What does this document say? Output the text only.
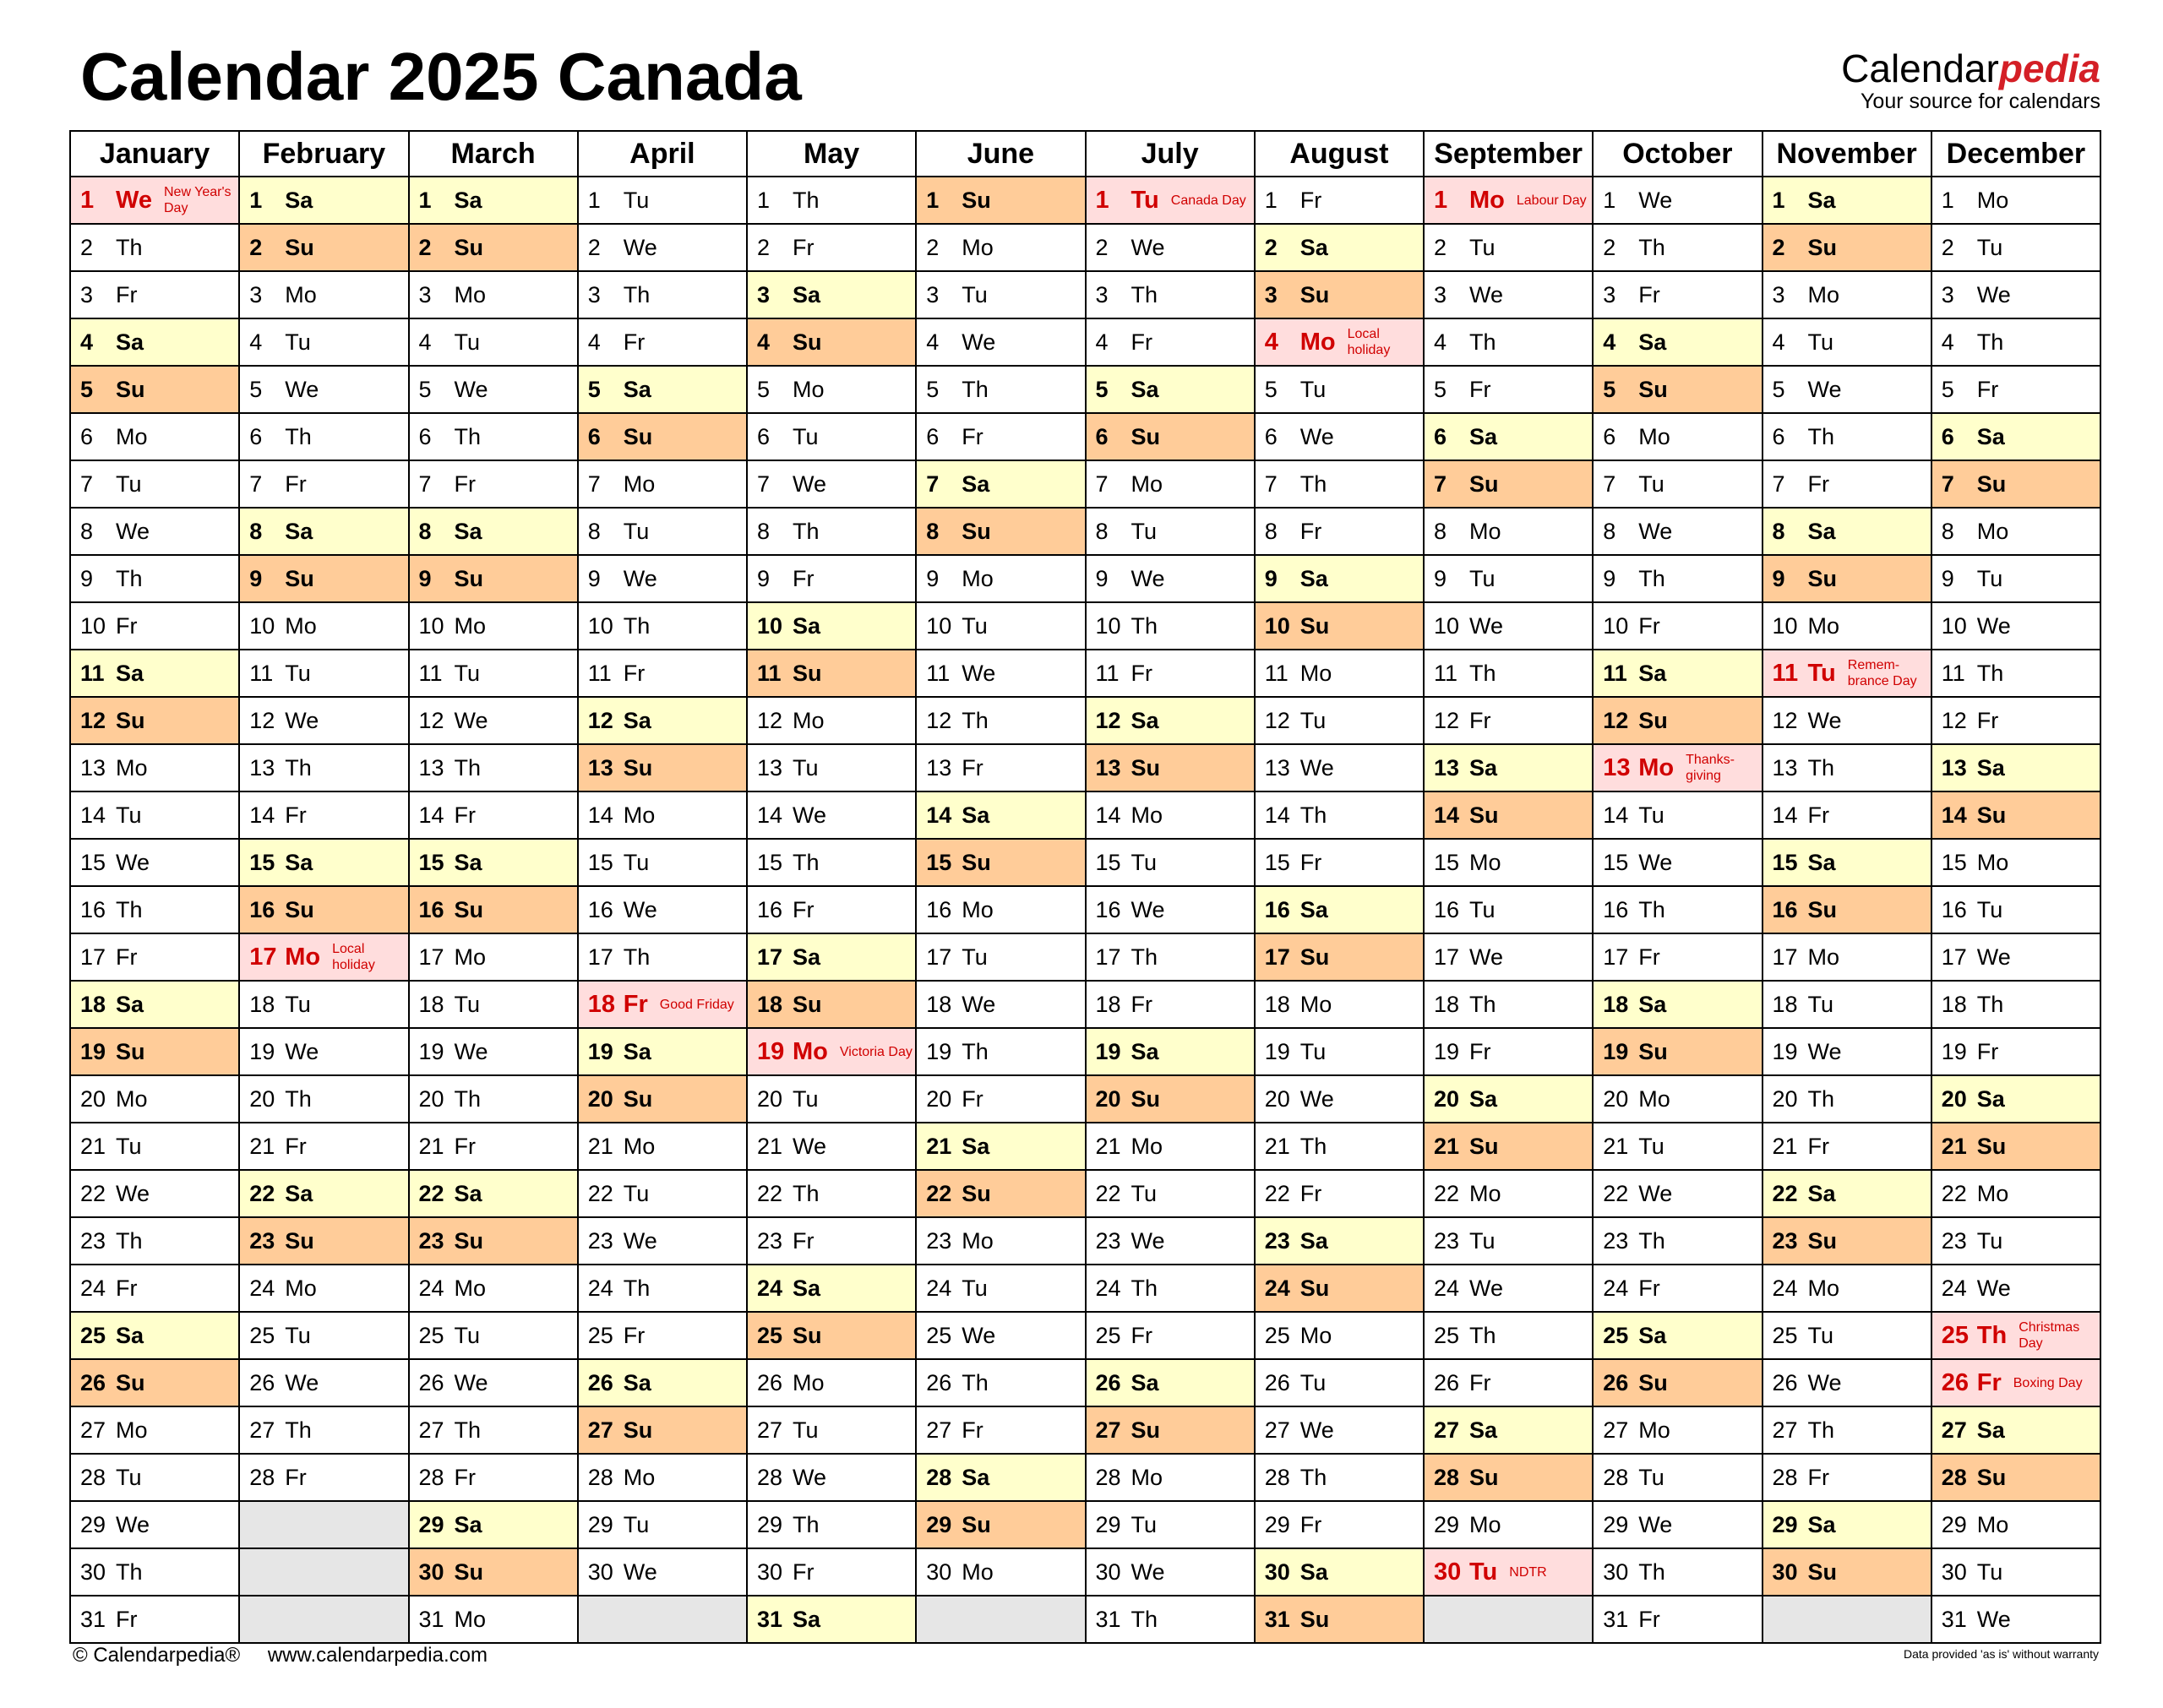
Calendar 2025 Canada	Calendarpedia
Your source for calendars
January	February	March	April	May	June	July	August	September	October	November	December

1 We New Year's Day	1 Sa	1 Sa	1 Tu	1 Th	1 Su	1 Tu Canada Day	1 Fr	1 Mo Labour Day	1 We	1 Sa	1 Mo

2 Th	2 Su	2 Su	2 We	2 Fr	2 Mo	2 We	2 Sa	2 Tu	2 Th	2 Su	2 Tu

3 Fr	3 Mo	3 Mo	3 Th	3 Sa	3 Tu	3 Th	3 Su	3 We	3 Fr	3 Mo	3 We

4 Sa	4 Tu	4 Tu	4 Fr	4 Su	4 We	4 Fr	4 Mo Local holiday	4 Th	4 Sa	4 Tu	4 Th

5 Su	5 We	5 We	5 Sa	5 Mo	5 Th	5 Sa	5 Tu	5 Fr	5 Su	5 We	5 Fr

6 Mo	6 Th	6 Th	6 Su	6 Tu	6 Fr	6 Su	6 We	6 Sa	6 Mo	6 Th	6 Sa

7 Tu	7 Fr	7 Fr	7 Mo	7 We	7 Sa	7 Mo	7 Th	7 Su	7 Tu	7 Fr	7 Su

8 We	8 Sa	8 Sa	8 Tu	8 Th	8 Su	8 Tu	8 Fr	8 Mo	8 We	8 Sa	8 Mo

9 Th	9 Su	9 Su	9 We	9 Fr	9 Mo	9 We	9 Sa	9 Tu	9 Th	9 Su	9 Tu

10 Fr	10 Mo	10 Mo	10 Th	10 Sa	10 Tu	10 Th	10 Su	10 We	10 Fr	10 Mo	10 We

11 Sa	11 Tu	11 Tu	11 Fr	11 Su	11 We	11 Fr	11 Mo	11 Th	11 Sa	11 Tu Remem- brance Day	11 Th

12 Su	12 We	12 We	12 Sa	12 Mo	12 Th	12 Sa	12 Tu	12 Fr	12 Su	12 We	12 Fr

13 Mo	13 Th	13 Th	13 Su	13 Tu	13 Fr	13 Su	13 We	13 Sa	13 Mo Thanks- giving	13 Th	13 Sa

14 Tu	14 Fr	14 Fr	14 Mo	14 We	14 Sa	14 Mo	14 Th	14 Su	14 Tu	14 Fr	14 Su

15 We	15 Sa	15 Sa	15 Tu	15 Th	15 Su	15 Tu	15 Fr	15 Mo	15 We	15 Sa	15 Mo

16 Th	16 Su	16 Su	16 We	16 Fr	16 Mo	16 We	16 Sa	16 Tu	16 Th	16 Su	16 Tu

17 Fr	17 Mo Local holiday	17 Mo	17 Th	17 Sa	17 Tu	17 Th	17 Su	17 We	17 Fr	17 Mo	17 We

18 Sa	18 Tu	18 Tu	18 Fr Good Friday	18 Su	18 We	18 Fr	18 Mo	18 Th	18 Sa	18 Tu	18 Th

19 Su	19 We	19 We	19 Sa	19 Mo Victoria Day	19 Th	19 Sa	19 Tu	19 Fr	19 Su	19 We	19 Fr

20 Mo	20 Th	20 Th	20 Su	20 Tu	20 Fr	20 Su	20 We	20 Sa	20 Mo	20 Th	20 Sa

21 Tu	21 Fr	21 Fr	21 Mo	21 We	21 Sa	21 Mo	21 Th	21 Su	21 Tu	21 Fr	21 Su

22 We	22 Sa	22 Sa	22 Tu	22 Th	22 Su	22 Tu	22 Fr	22 Mo	22 We	22 Sa	22 Mo

23 Th	23 Su	23 Su	23 We	23 Fr	23 Mo	23 We	23 Sa	23 Tu	23 Th	23 Su	23 Tu

24 Fr	24 Mo	24 Mo	24 Th	24 Sa	24 Tu	24 Th	24 Su	24 We	24 Fr	24 Mo	24 We

25 Sa	25 Tu	25 Tu	25 Fr	25 Su	25 We	25 Fr	25 Mo	25 Th	25 Sa	25 Tu	25 Th Christmas Day

26 Su	26 We	26 We	26 Sa	26 Mo	26 Th	26 Sa	26 Tu	26 Fr	26 Su	26 We	26 Fr Boxing Day

27 Mo	27 Th	27 Th	27 Su	27 Tu	27 Fr	27 Su	27 We	27 Sa	27 Mo	27 Th	27 Sa

28 Tu	28 Fr	28 Fr	28 Mo	28 We	28 Sa	28 Mo	28 Th	28 Su	28 Tu	28 Fr	28 Su

29 We		29 Sa	29 Tu	29 Th	29 Su	29 Tu	29 Fr	29 Mo	29 We	29 Sa	29 Mo

30 Th		30 Su	30 We	30 Fr	30 Mo	30 We	30 Sa	30 Tu NDTR	30 Th	30 Su	30 Tu

31 Fr		31 Mo		31 Sa		31 Th	31 Su		31 Fr		31 We
© Calendarpedia® www.calendarpedia.com	Data provided 'as is' without warranty
